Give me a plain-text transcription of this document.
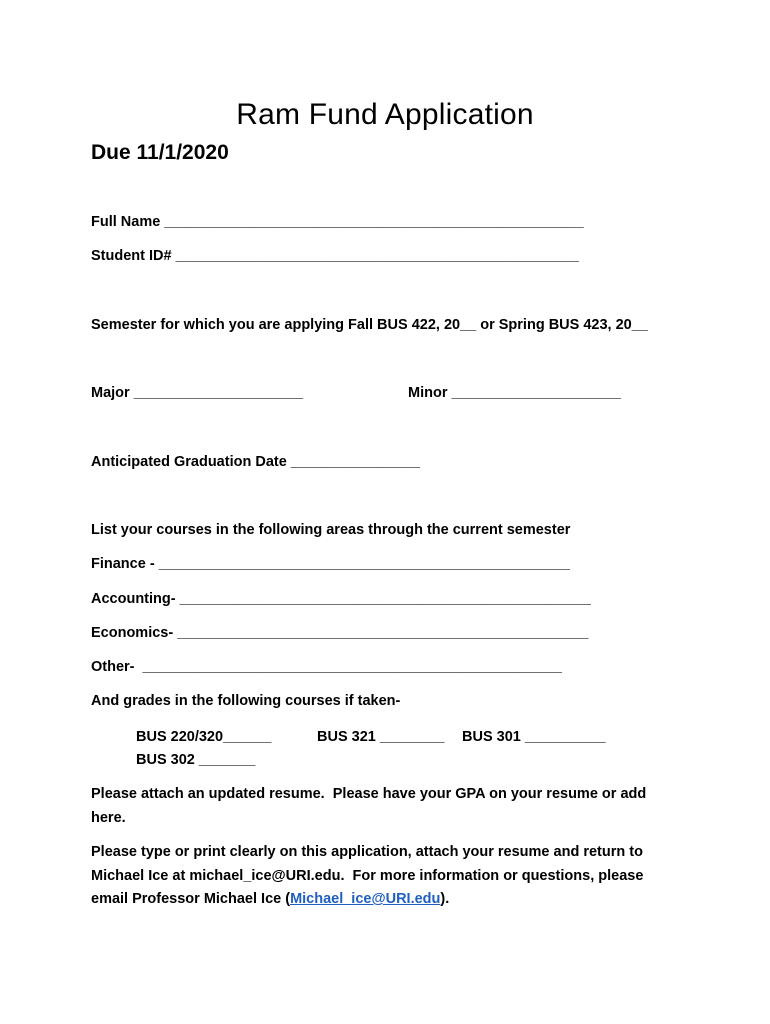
Ram Fund Application
Due 11/1/2020
Full Name ____________________________________________________
Student ID# __________________________________________________
Semester for which you are applying Fall BUS 422, 20__ or Spring BUS 423, 20__
Major _____________________	Minor _____________________
Anticipated Graduation Date ________________
List your courses in the following areas through the current semester
Finance - ___________________________________________________
Accounting- ___________________________________________________
Economics- ___________________________________________________
Other-  ____________________________________________________
And grades in the following courses if taken-
BUS 220/320______	BUS 321 ________ BUS 301 __________
BUS 302 _______
Please attach an updated resume.  Please have your GPA on your resume or add
here.
Please type or print clearly on this application, attach your resume and return to
Michael Ice at michael_ice@URI.edu.  For more information or questions, please
email Professor Michael Ice (Michael_ice@URI.edu).
